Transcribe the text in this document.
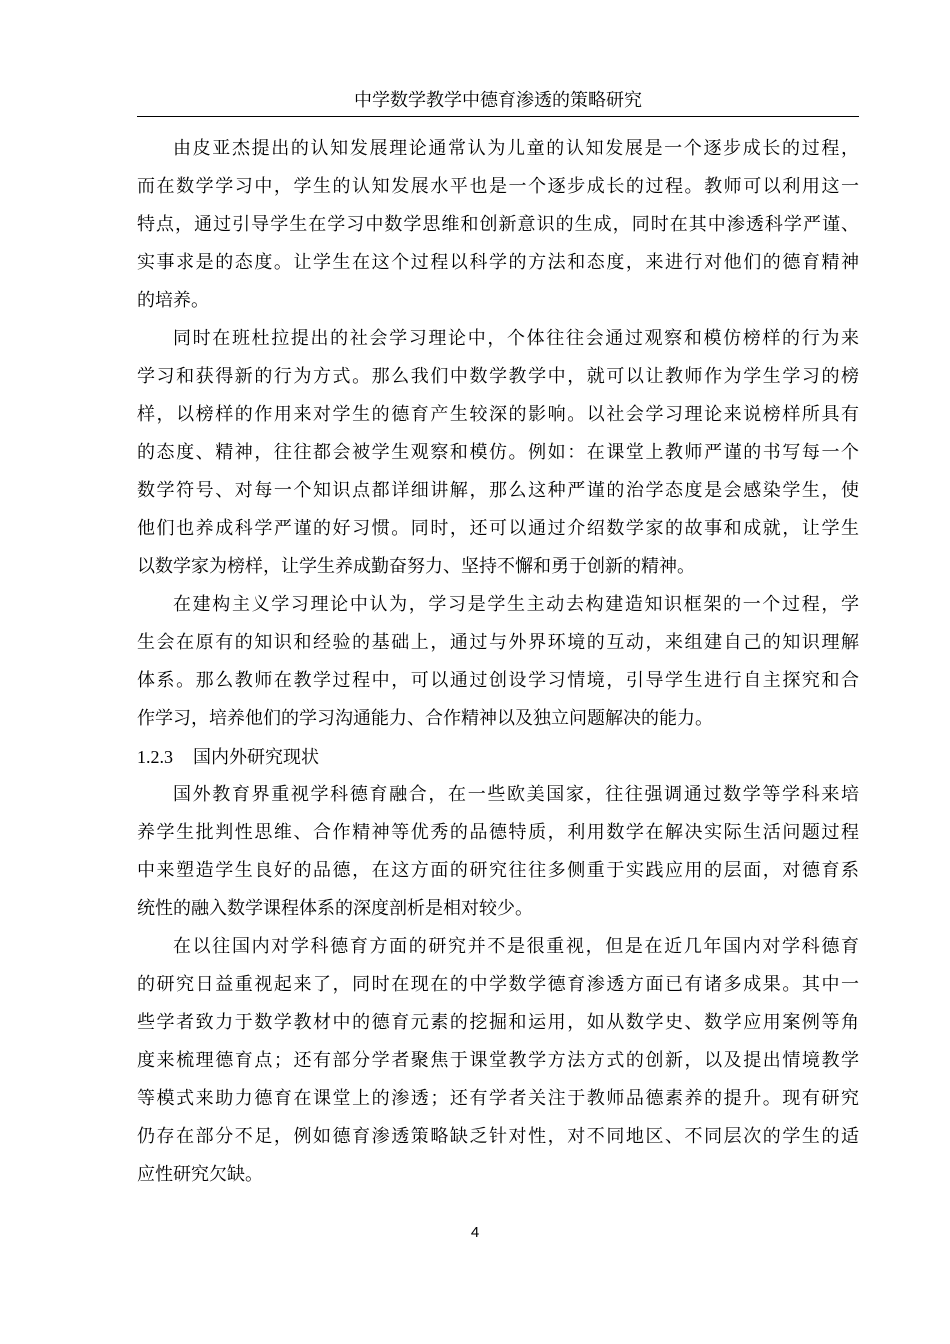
中学数学教学中德育渗透的策略研究
由皮亚杰提出的认知发展理论通常认为儿童的认知发展是一个逐步成长的过程，
而在数学学习中，学生的认知发展水平也是一个逐步成长的过程。教师可以利用这一
特点，通过引导学生在学习中数学思维和创新意识的生成，同时在其中渗透科学严谨、
实事求是的态度。让学生在这个过程以科学的方法和态度，来进行对他们的德育精神
的培养。
同时在班杜拉提出的社会学习理论中，个体往往会通过观察和模仿榜样的行为来
学习和获得新的行为方式。那么我们中数学教学中，就可以让教师作为学生学习的榜
样，以榜样的作用来对学生的德育产生较深的影响。以社会学习理论来说榜样所具有
的态度、精神，往往都会被学生观察和模仿。例如：在课堂上教师严谨的书写每一个
数学符号、对每一个知识点都详细讲解，那么这种严谨的治学态度是会感染学生，使
他们也养成科学严谨的好习惯。同时，还可以通过介绍数学家的故事和成就，让学生
以数学家为榜样，让学生养成勤奋努力、坚持不懈和勇于创新的精神。
在建构主义学习理论中认为，学习是学生主动去构建造知识框架的一个过程，学
生会在原有的知识和经验的基础上，通过与外界环境的互动，来组建自己的知识理解
体系。那么教师在教学过程中，可以通过创设学习情境，引导学生进行自主探究和合
作学习，培养他们的学习沟通能力、合作精神以及独立问题解决的能力。
1.2.3 国内外研究现状
国外教育界重视学科德育融合，在一些欧美国家，往往强调通过数学等学科来培
养学生批判性思维、合作精神等优秀的品德特质，利用数学在解决实际生活问题过程
中来塑造学生良好的品德，在这方面的研究往往多侧重于实践应用的层面，对德育系
统性的融入数学课程体系的深度剖析是相对较少。
在以往国内对学科德育方面的研究并不是很重视，但是在近几年国内对学科德育
的研究日益重视起来了，同时在现在的中学数学德育渗透方面已有诸多成果。其中一
些学者致力于数学教材中的德育元素的挖掘和运用，如从数学史、数学应用案例等角
度来梳理德育点；还有部分学者聚焦于课堂教学方法方式的创新，以及提出情境教学
等模式来助力德育在课堂上的渗透；还有学者关注于教师品德素养的提升。现有研究
仍存在部分不足，例如德育渗透策略缺乏针对性，对不同地区、不同层次的学生的适
应性研究欠缺。
4
